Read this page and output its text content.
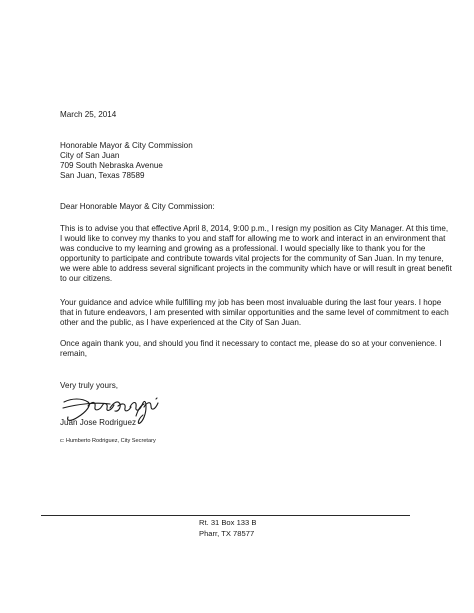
March 25, 2014
Honorable Mayor & City Commission
City of San Juan
709 South Nebraska Avenue
San Juan, Texas 78589
Dear Honorable Mayor & City Commission:
This is to advise you that effective April 8, 2014, 9:00 p.m., I resign my position as City Manager. At this time,
I would like to convey my thanks to you and staff for allowing me to work and interact in an environment that
was conducive to my learning and growing as a professional. I would specially like to thank you for the
opportunity to participate and contribute towards vital projects for the community of San Juan. In my tenure,
we were able to address several significant projects in the community which have or will result in great benefit
to our citizens.
Your guidance and advice while fulfilling my job has been most invaluable during the last four years. I hope
that in future endeavors, I am presented with similar opportunities and the same level of commitment to each
other and the public, as I have experienced at the City of San Juan.
Once again thank you, and should you find it necessary to contact me, please do so at your convenience. I
remain,
Very truly yours,
Juan Jose Rodriguez
c: Humberto Rodriguez, City Secretary
Rt. 31 Box 133 B
Pharr, TX 78577
